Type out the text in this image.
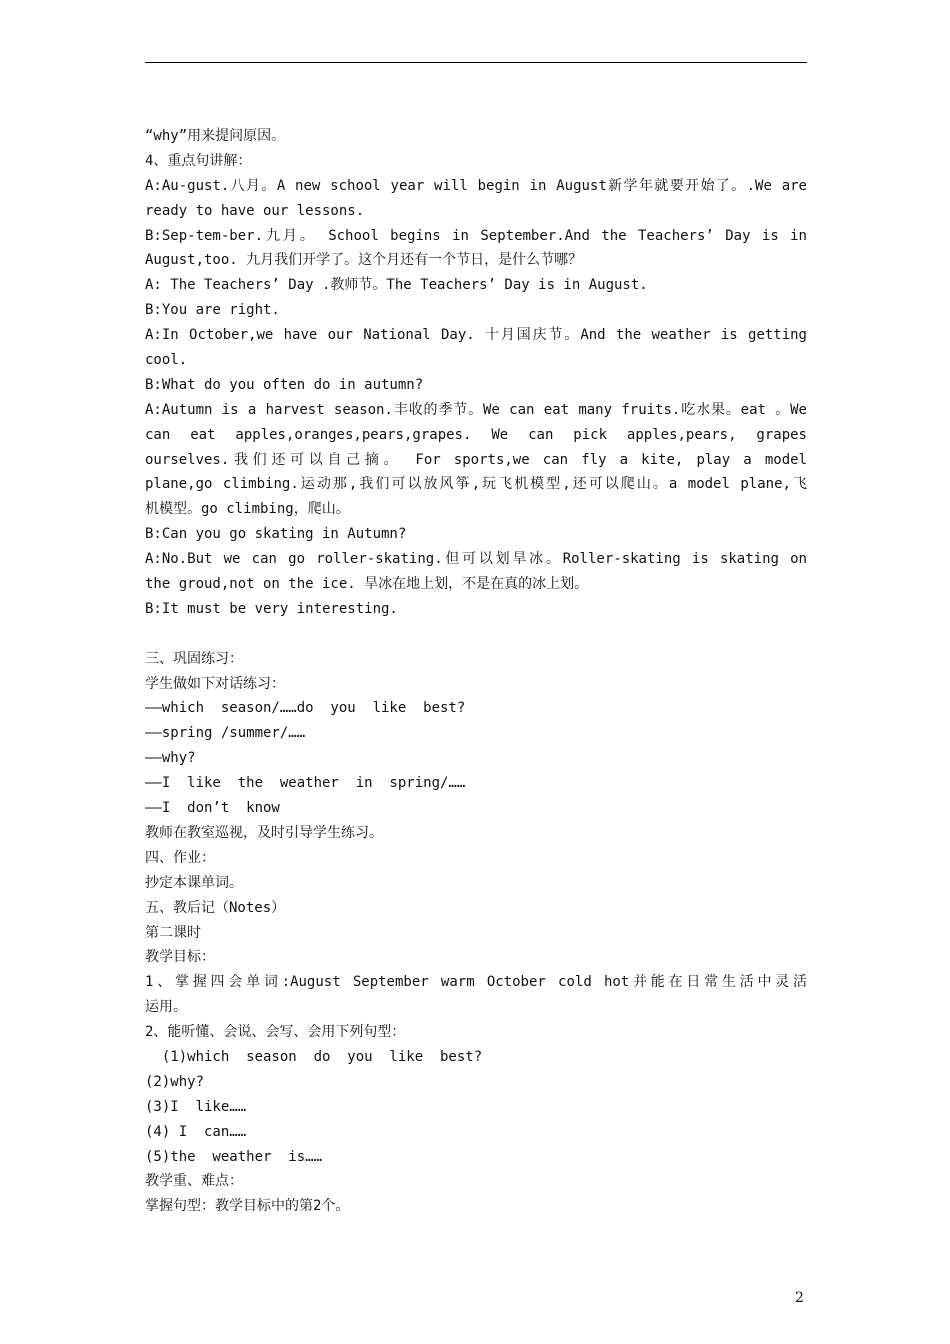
“why”用来提问原因。
4、重点句讲解：
A:Au-gust.八月。A new school year will begin in August新学年就要开始了。.We are
ready to have our lessons.
B:Sep-tem-ber.九月。 School begins in September.And the Teachers’ Day is in
August,too. 九月我们开学了。这个月还有一个节日，是什么节哪？
A: The Teachers’ Day .教师节。The Teachers’ Day is in August.
B:You are right.
A:In October,we have our National Day. 十月国庆节。And the weather is getting
cool.
B:What do you often do in autumn?
A:Autumn is a harvest season.丰收的季节。We can eat many fruits.吃水果。eat 。We
can eat apples,oranges,pears,grapes. We can pick apples,pears, grapes
ourselves.我们还可以自己摘。 For sports,we can fly a kite, play a model
plane,go climbing.运动那,我们可以放风筝,玩飞机模型,还可以爬山。a model plane,飞
机模型。go climbing，爬山。
B:Can you go skating in Autumn?
A:No.But we can go roller-skating.但可以划旱冰。Roller-skating is skating on
the groud,not on the ice. 旱冰在地上划，不是在真的冰上划。
B:It must be very interesting.
三、巩固练习：
学生做如下对话练习：
——which  season/……do  you  like  best?
——spring /summer/……
——why?
——I  like  the  weather  in  spring/……
——I  don’t  know
教师在教室巡视，及时引导学生练习。
四、作业：
抄定本课单词。
五、教后记（Notes）
第二课时
教学目标：
1、掌握四会单词:August September warm October cold hot并能在日常生活中灵活
运用。
2、能听懂、会说、会写、会用下列句型：
(1)which  season  do  you  like  best?
(2)why?
(3)I  like……
(4) I  can……
(5)the  weather  is……
教学重、难点：
掌握句型：教学目标中的第2个。
2
